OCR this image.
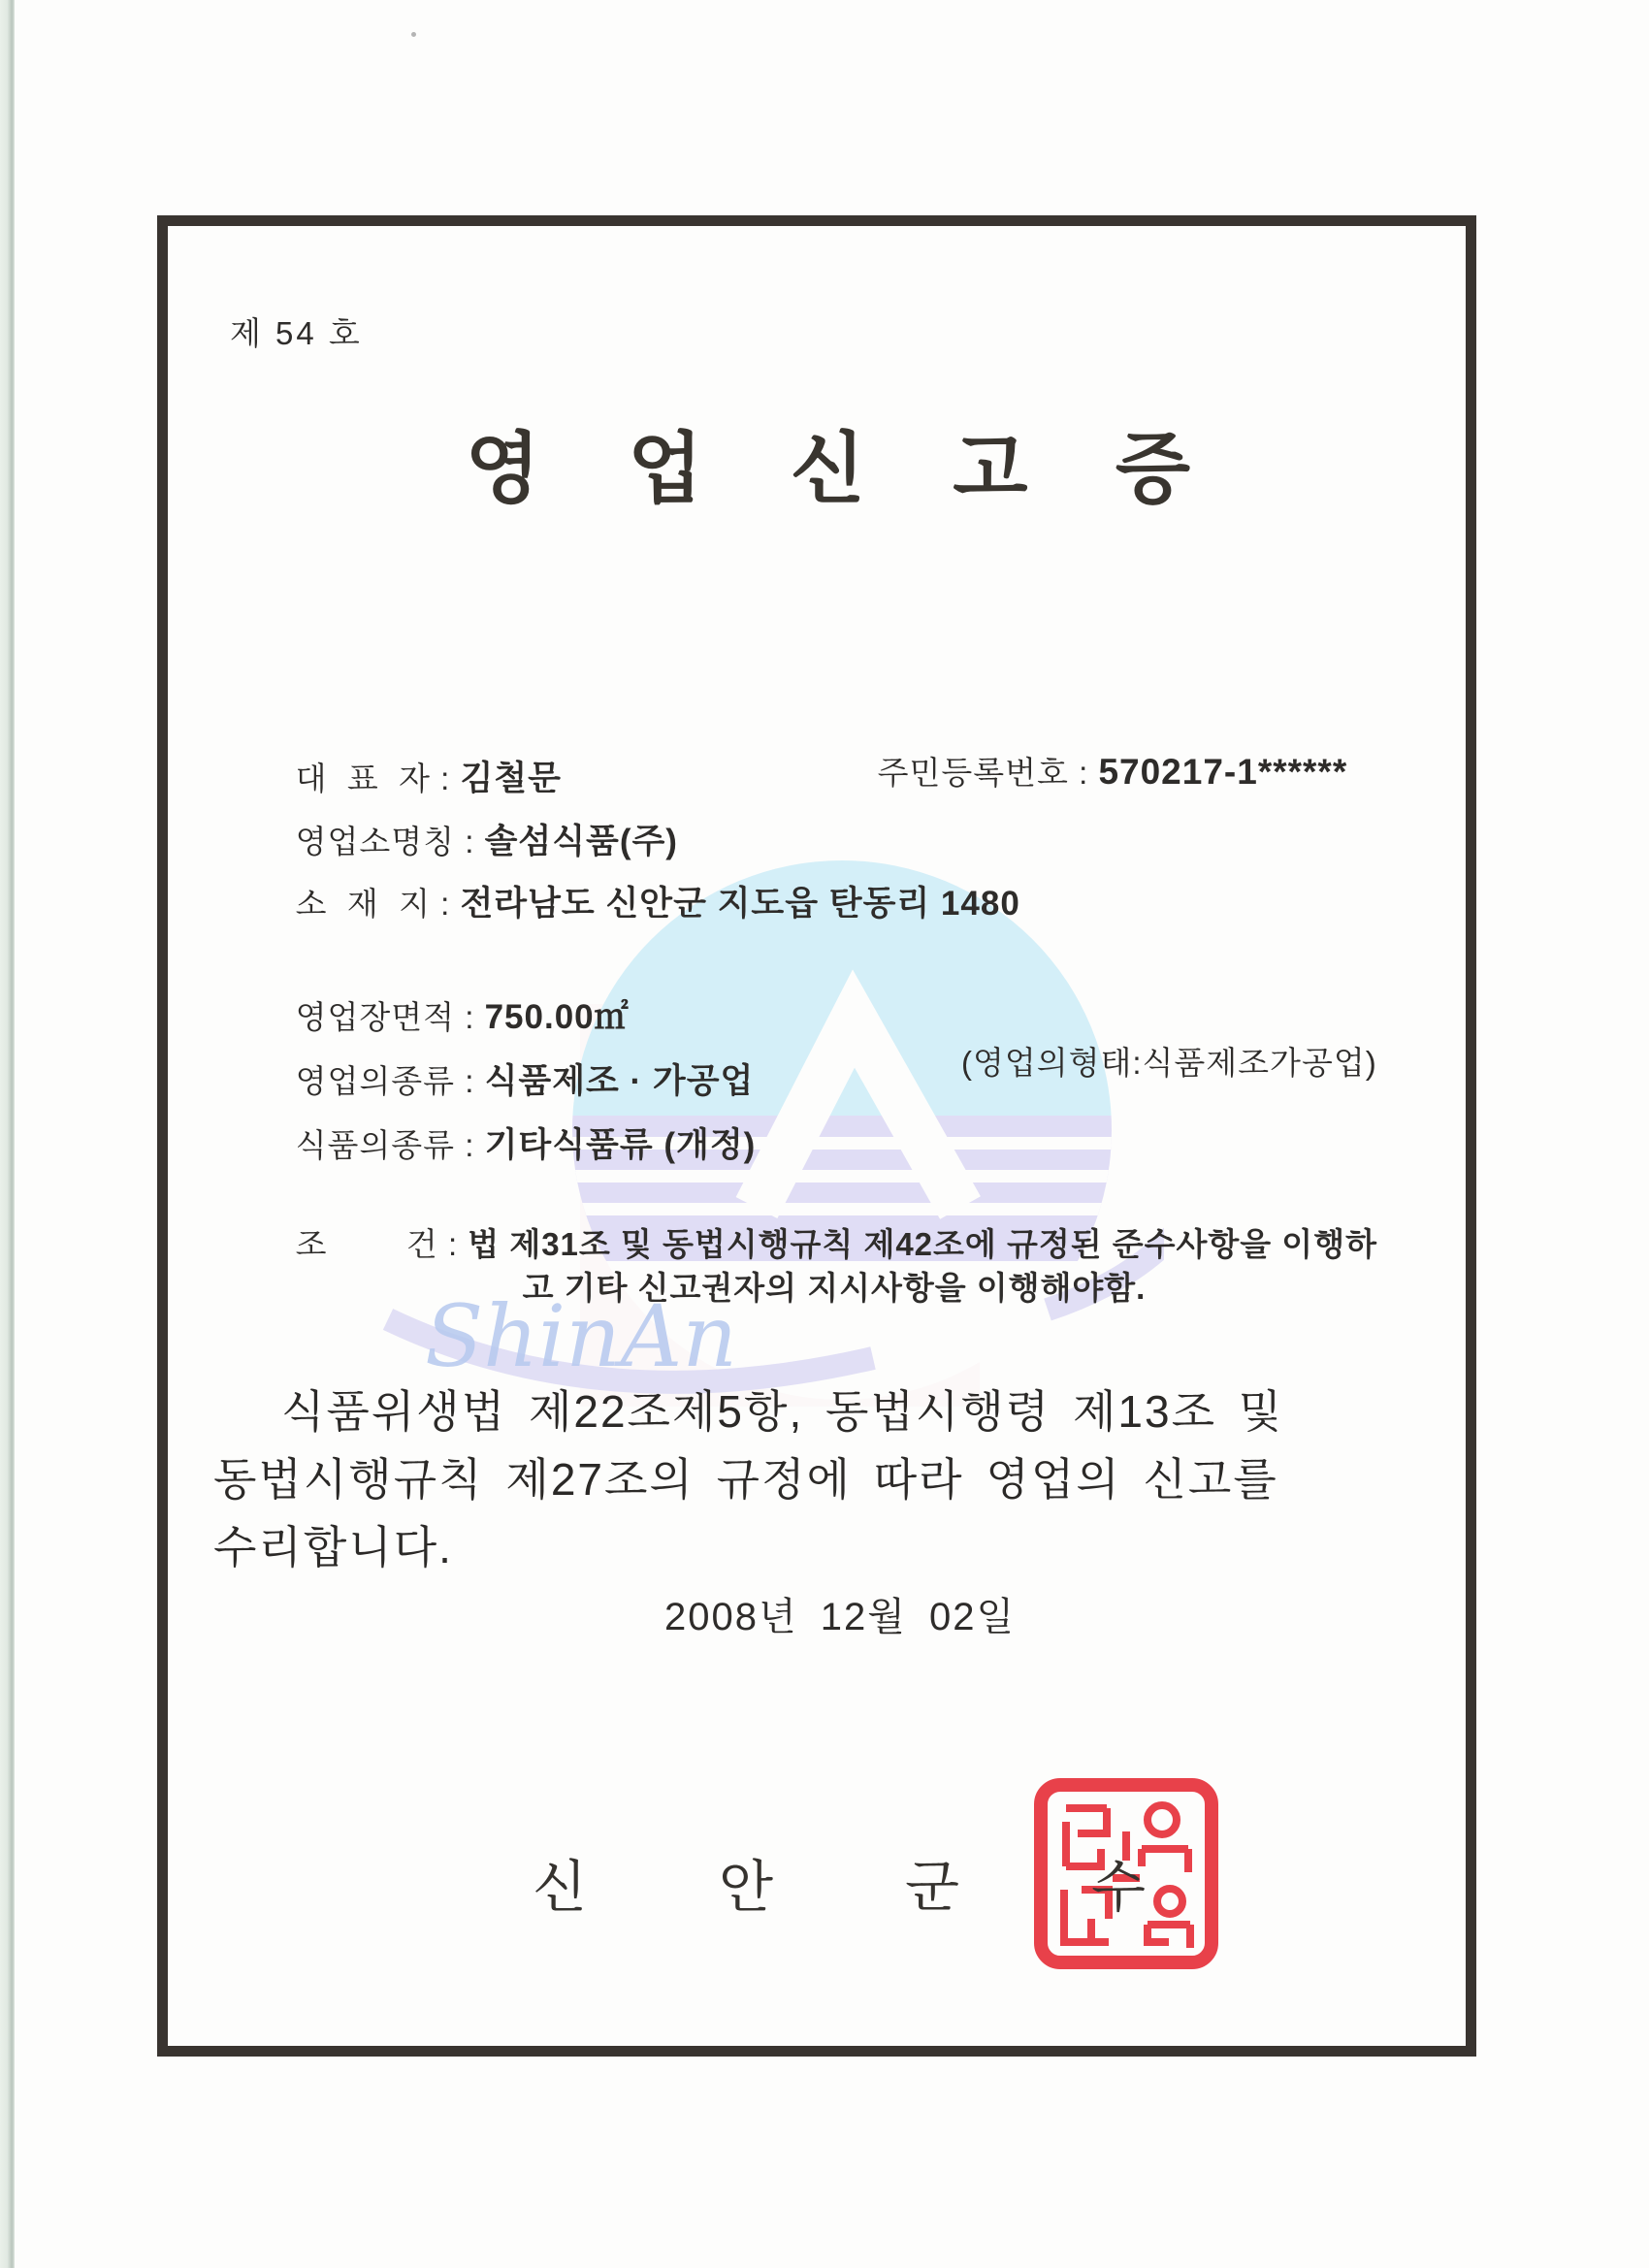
ShinAn
제 54 호

영 업 신 고 증

대  표  자 : 김철문
	주민등록번호 : 570217-1******

영업소명칭 : 솔섬식품(주)

소  재  지 : 전라남도 신안군 지도읍 탄동리 1480

영업장면적 : 750.00㎡

영업의종류 : 식품제조 · 가공업
	(영업의형태:식품제조가공업)

식품의종류 : 기타식품류 (개정)

조        건 : 법 제31조 및 동법시행규칙 제42조에 규정된 준수사항을 이행하

고 기타 신고권자의 지시사항을 이행해야함.

식품위생법 제22조제5항, 동법시행령 제13조 및
동법시행규칙 제27조의 규정에 따라 영업의 신고를
수리합니다.
2008년 12월 02일
신 안 군 수
